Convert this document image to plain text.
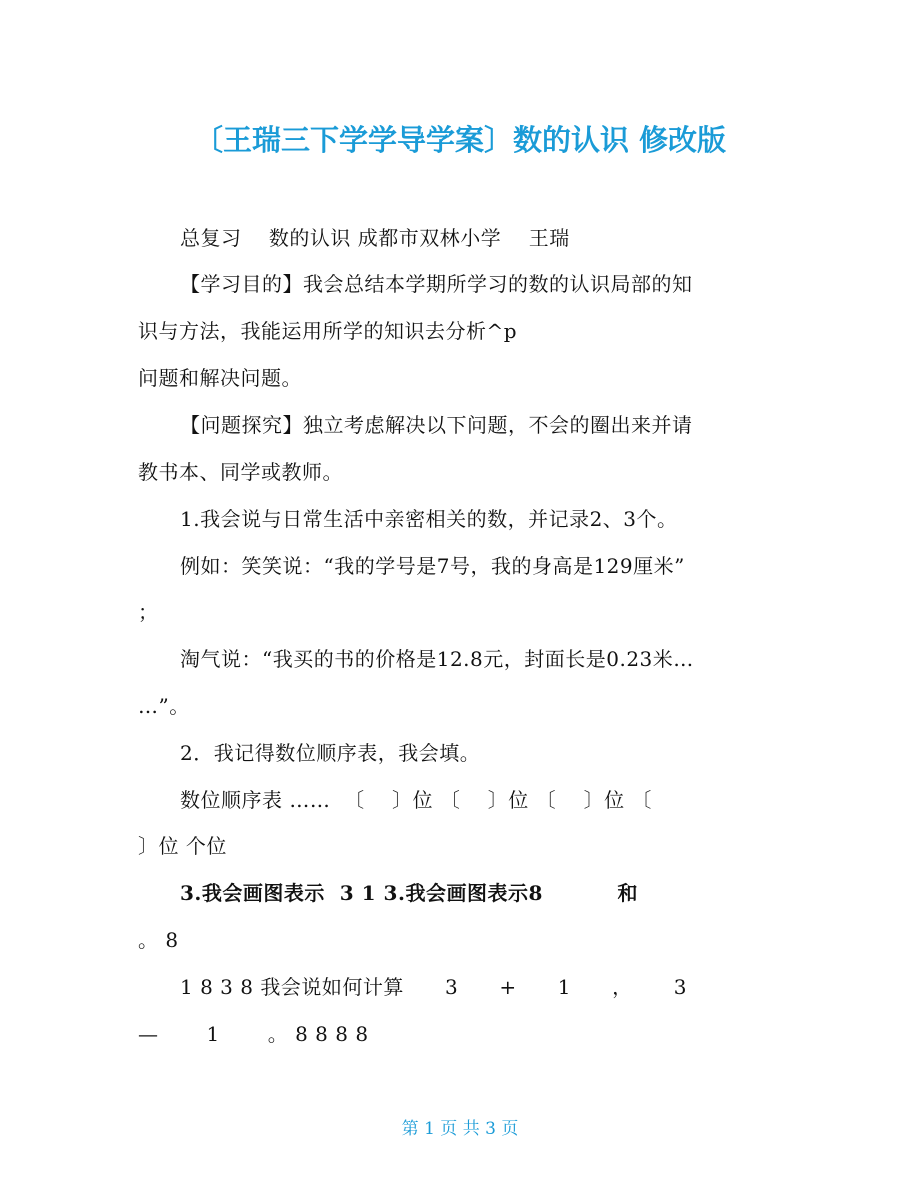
〔王瑞三下学学导学案〕数的认识 修改版
总复习    数的认识 成都市双林小学    王瑞
【学习目的】我会总结本学期所学习的数的认识局部的知
识与方法，我能运用所学的知识去分析^p
问题和解决问题。
【问题探究】独立考虑解决以下问题，不会的圈出来并请
教书本、同学或教师。
1.我会说与日常生活中亲密相关的数，并记录2、3个。
例如：笑笑说：“我的学号是7号，我的身高是129厘米”
；
淘气说：“我买的书的价格是12.8元，封面长是0.23米…
…”。
2．我记得数位顺序表，我会填。
数位顺序表 ……  〔    〕位 〔    〕位 〔    〕位 〔
〕位 个位
3.我会画图表示  3 1 3.我会画图表示8          和
。 8
1 8 3 8 我会说如何计算      3      +      1      ，      3
—       1       。 8 8 8 8
第 1 页 共 3 页
